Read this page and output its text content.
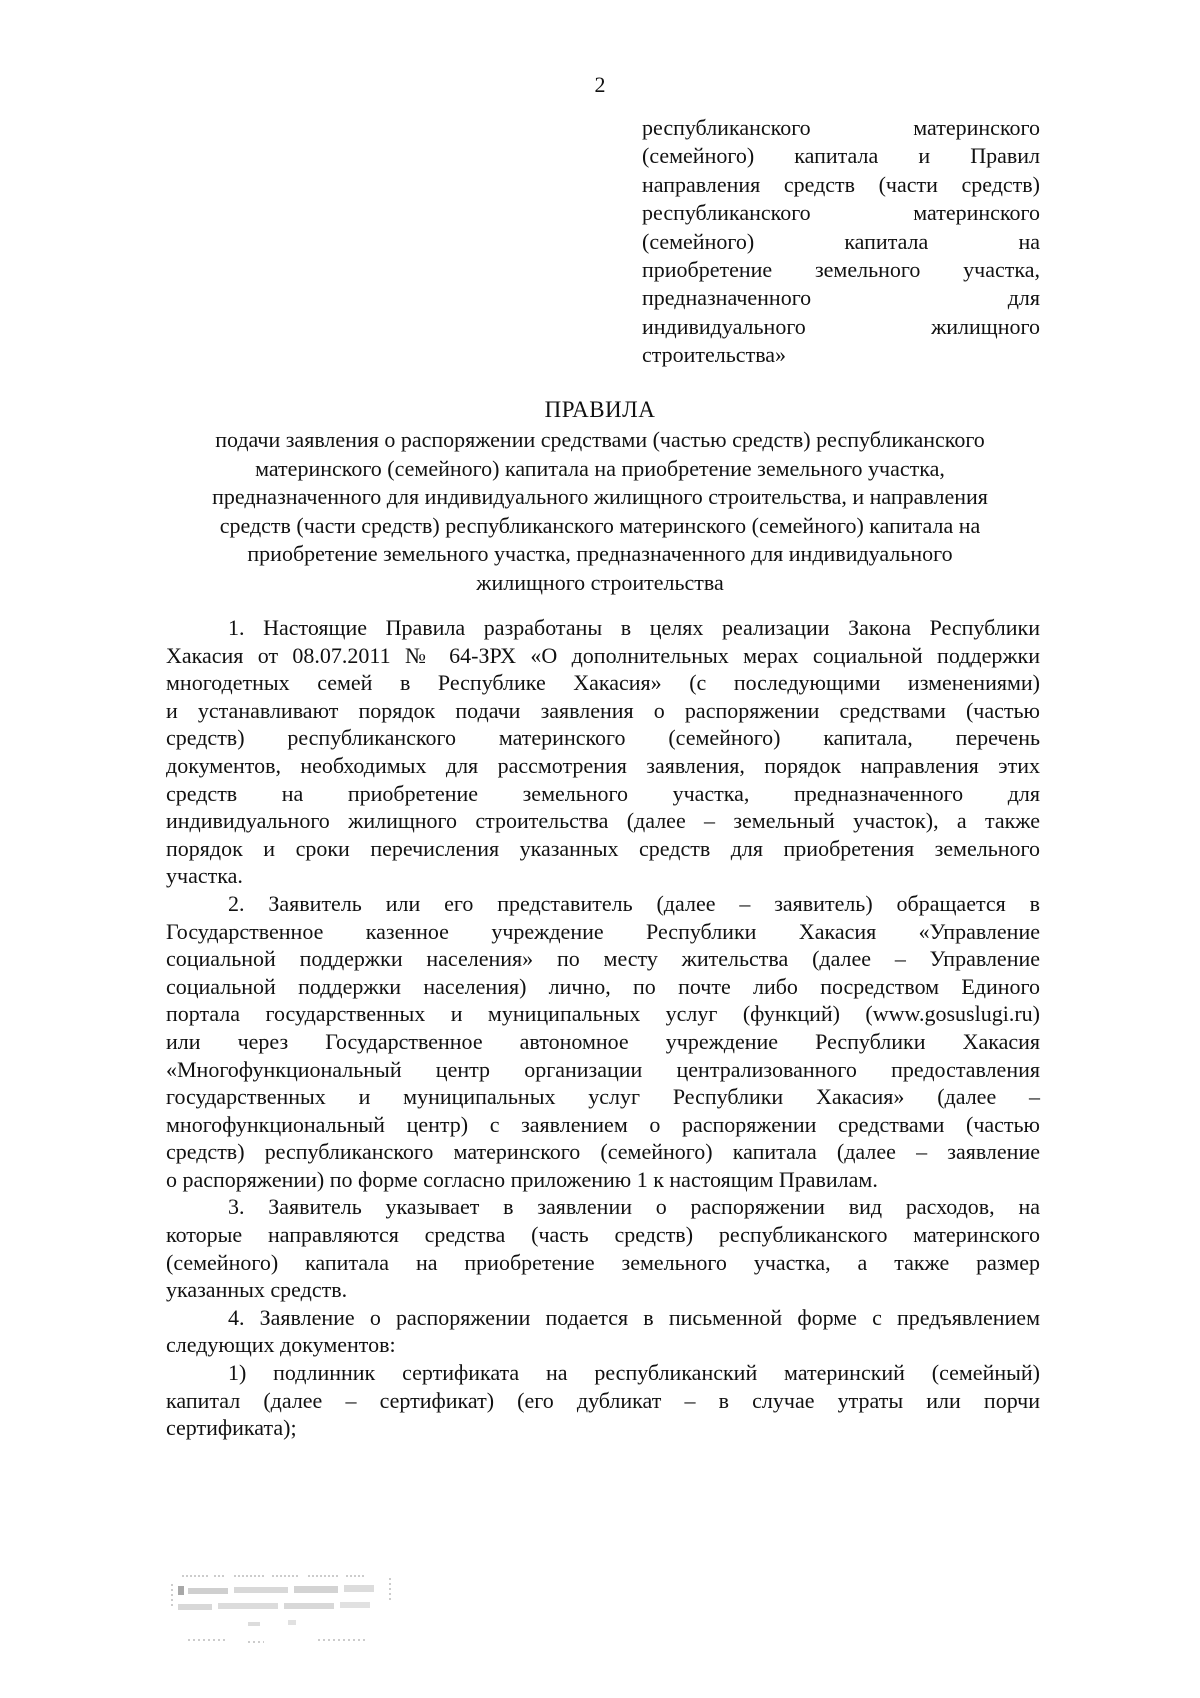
2
республиканского материнского
(семейного) капитала и Правил
направления средств (части средств)
республиканского материнского
(семейного) капитала на
приобретение земельного участка,
предназначенного для
индивидуального жилищного
строительства»
ПРАВИЛА
подачи заявления о распоряжении средствами (частью средств) республиканского
материнского (семейного) капитала на приобретение земельного участка,
предназначенного для индивидуального жилищного строительства, и направления
средств (части средств) республиканского материнского (семейного) капитала на
приобретение земельного участка, предназначенного для индивидуального
жилищного строительства
1. Настоящие Правила разработаны в целях реализации Закона Республики
Хакасия от 08.07.2011 № 64-ЗРХ «О дополнительных мерах социальной поддержки
многодетных семей в Республике Хакасия» (с последующими изменениями)
и устанавливают порядок подачи заявления о распоряжении средствами (частью
средств) республиканского материнского (семейного) капитала, перечень
документов, необходимых для рассмотрения заявления, порядок направления этих
средств на приобретение земельного участка, предназначенного для
индивидуального жилищного строительства (далее – земельный участок), а также
порядок и сроки перечисления указанных средств для приобретения земельного
участка.
2. Заявитель или его представитель (далее – заявитель) обращается в
Государственное казенное учреждение Республики Хакасия «Управление
социальной поддержки населения» по месту жительства (далее – Управление
социальной поддержки населения) лично, по почте либо посредством Единого
портала государственных и муниципальных услуг (функций) (www.gosuslugi.ru)
или через Государственное автономное учреждение Республики Хакасия
«Многофункциональный центр организации централизованного предоставления
государственных и муниципальных услуг Республики Хакасия» (далее –
многофункциональный центр) с заявлением о распоряжении средствами (частью
средств) республиканского материнского (семейного) капитала (далее – заявление
о распоряжении) по форме согласно приложению 1 к настоящим Правилам.
3. Заявитель указывает в заявлении о распоряжении вид расходов, на
которые направляются средства (часть средств) республиканского материнского
(семейного) капитала на приобретение земельного участка, а также размер
указанных средств.
4. Заявление о распоряжении подается в письменной форме с предъявлением
следующих документов:
1) подлинник сертификата на республиканский материнский (семейный)
капитал (далее – сертификат) (его дубликат – в случае утраты или порчи
сертификата);
